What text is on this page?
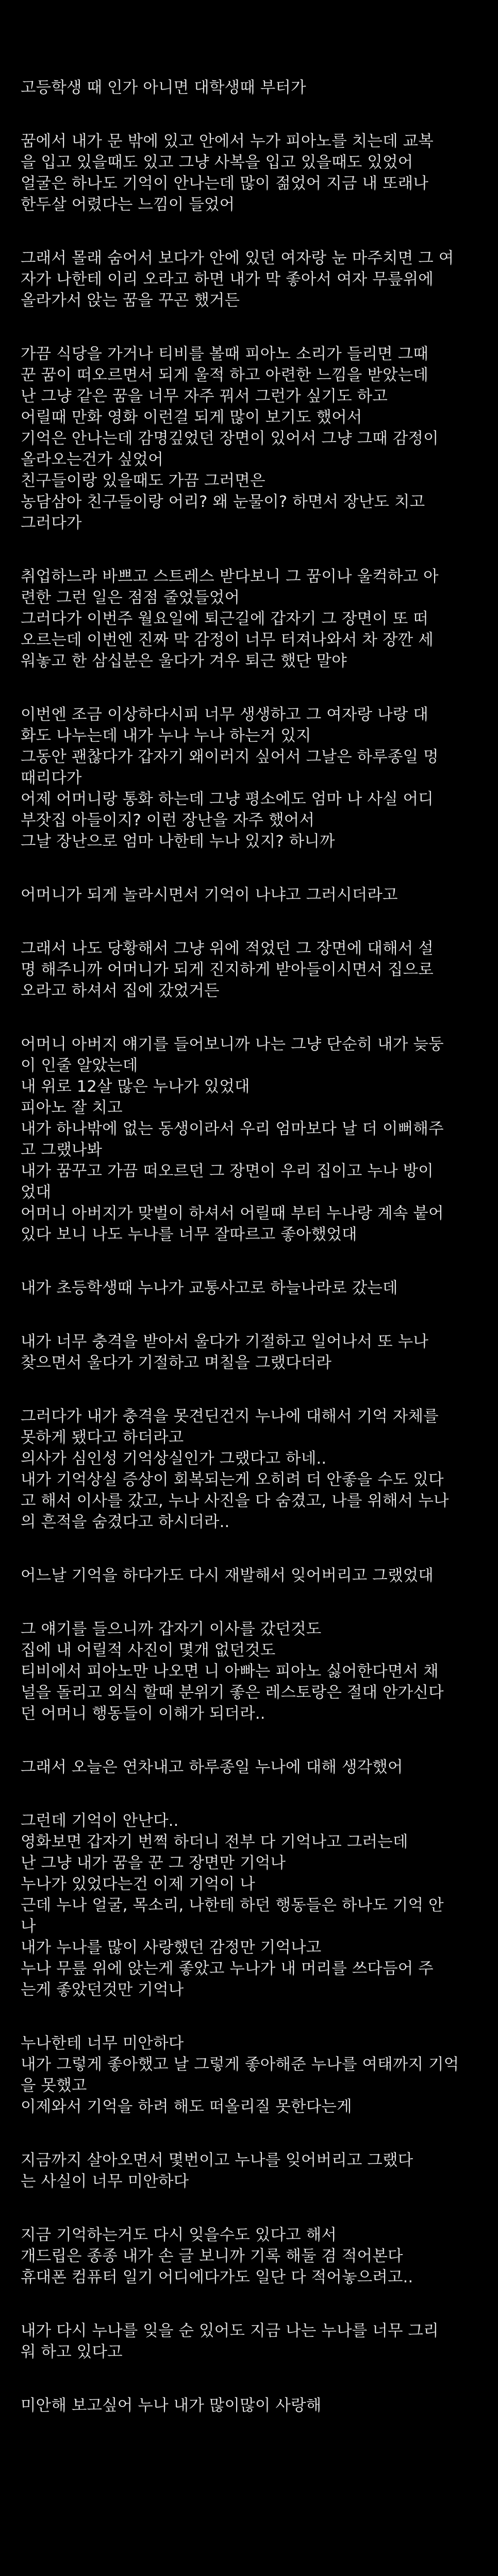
고등학생 때 인가 아니면 대학생때 부터가
꿈에서 내가 문 밖에 있고 안에서 누가 피아노를 치는데 교복
을 입고 있을때도 있고 그냥 사복을 입고 있을때도 있었어
얼굴은 하나도 기억이 안나는데 많이 젊었어 지금 내 또래나
한두살 어렸다는 느낌이 들었어
그래서 몰래 숨어서 보다가 안에 있던 여자랑 눈 마주치면 그 여
자가 나한테 이리 오라고 하면 내가 막 좋아서 여자 무릎위에
올라가서 앉는 꿈을 꾸곤 했거든
가끔 식당을 가거나 티비를 볼때 피아노 소리가 들리면 그때
꾼 꿈이 떠오르면서 되게 울적 하고 아련한 느낌을 받았는데
난 그냥 같은 꿈을 너무 자주 꿔서 그런가 싶기도 하고
어릴때 만화 영화 이런걸 되게 많이 보기도 했어서
기억은 안나는데 감명깊었던 장면이 있어서 그냥 그때 감정이
올라오는건가 싶었어
친구들이랑 있을때도 가끔 그러면은
농담삼아 친구들이랑 어리? 왜 눈물이? 하면서 장난도 치고
그러다가
취업하느라 바쁘고 스트레스 받다보니 그 꿈이나 울컥하고 아
련한 그런 일은 점점 줄었들었어
그러다가 이번주 월요일에 퇴근길에 갑자기 그 장면이 또 떠
오르는데 이번엔 진짜 막 감정이 너무 터져나와서 차 장깐 세
워놓고 한 삼십분은 울다가 겨우 퇴근 했단 말야
이번엔 조금 이상하다시피 너무 생생하고 그 여자랑 나랑 대
화도 나누는데 내가 누나 누나 하는거 있지
그동안 괜찮다가 갑자기 왜이러지 싶어서 그날은 하루종일 멍
때리다가
어제 어머니랑 통화 하는데 그냥 평소에도 엄마 나 사실 어디
부잣집 아들이지? 이런 장난을 자주 했어서
그날 장난으로 엄마 나한테 누나 있지? 하니까
어머니가 되게 놀라시면서 기억이 나냐고 그러시더라고
그래서 나도 당황해서 그냥 위에 적었던 그 장면에 대해서 설
명 해주니까 어머니가 되게 진지하게 받아들이시면서 집으로
오라고 하셔서 집에 갔었거든
어머니 아버지 얘기를 들어보니까 나는 그냥 단순히 내가 늦둥
이 인줄 알았는데
내 위로 12살 많은 누나가 있었대
피아노 잘 치고
내가 하나밖에 없는 동생이라서 우리 엄마보다 날 더 이뻐해주
고 그랬나봐
내가 꿈꾸고 가끔 떠오르던 그 장면이 우리 집이고 누나 방이
었대
어머니 아버지가 맞벌이 하셔서 어릴때 부터 누나랑 계속 붙어
있다 보니 나도 누나를 너무 잘따르고 좋아했었대
내가 초등학생때 누나가 교통사고로 하늘나라로 갔는데
내가 너무 충격을 받아서 울다가 기절하고 일어나서 또 누나
찾으면서 울다가 기절하고 며칠을 그랬다더라
그러다가 내가 충격을 못견딘건지 누나에 대해서 기억 자체를
못하게 됐다고 하더라고
의사가 심인성 기억상실인가 그랬다고 하네..
내가 기억상실 증상이 회복되는게 오히려 더 안좋을 수도 있다
고 해서 이사를 갔고, 누나 사진을 다 숨겼고, 나를 위해서 누나
의 흔적을 숨겼다고 하시더라..
어느날 기억을 하다가도 다시 재발해서 잊어버리고 그랬었대
그 얘기를 들으니까 갑자기 이사를 갔던것도
집에 내 어릴적 사진이 몇개 없던것도
티비에서 피아노만 나오면 니 아빠는 피아노 싫어한다면서 채
널을 돌리고 외식 할때 분위기 좋은 레스토랑은 절대 안가신다
던 어머니 행동들이 이해가 되더라..
그래서 오늘은 연차내고 하루종일 누나에 대해 생각했어
그런데 기억이 안난다..
영화보면 갑자기 번쩍 하더니 전부 다 기억나고 그러는데
난 그냥 내가 꿈을 꾼 그 장면만 기억나
누나가 있었다는건 이제 기억이 나
근데 누나 얼굴, 목소리, 나한테 하던 행동들은 하나도 기억 안
나
내가 누나를 많이 사랑했던 감정만 기억나고
누나 무릎 위에 앉는게 좋았고 누나가 내 머리를 쓰다듬어 주
는게 좋았던것만 기억나
누나한테 너무 미안하다
내가 그렇게 좋아했고 날 그렇게 좋아해준 누나를 여태까지 기억
을 못했고
이제와서 기억을 하려 해도 떠올리질 못한다는게
지금까지 살아오면서 몇번이고 누나를 잊어버리고 그랬다
는 사실이 너무 미안하다
지금 기억하는거도 다시 잊을수도 있다고 해서
개드립은 종종 내가 손 글 보니까 기록 해둘 겸 적어본다
휴대폰 컴퓨터 일기 어디에다가도 일단 다 적어놓으려고..
내가 다시 누나를 잊을 순 있어도 지금 나는 누나를 너무 그리
워 하고 있다고
미안해 보고싶어 누나 내가 많이많이 사랑해
